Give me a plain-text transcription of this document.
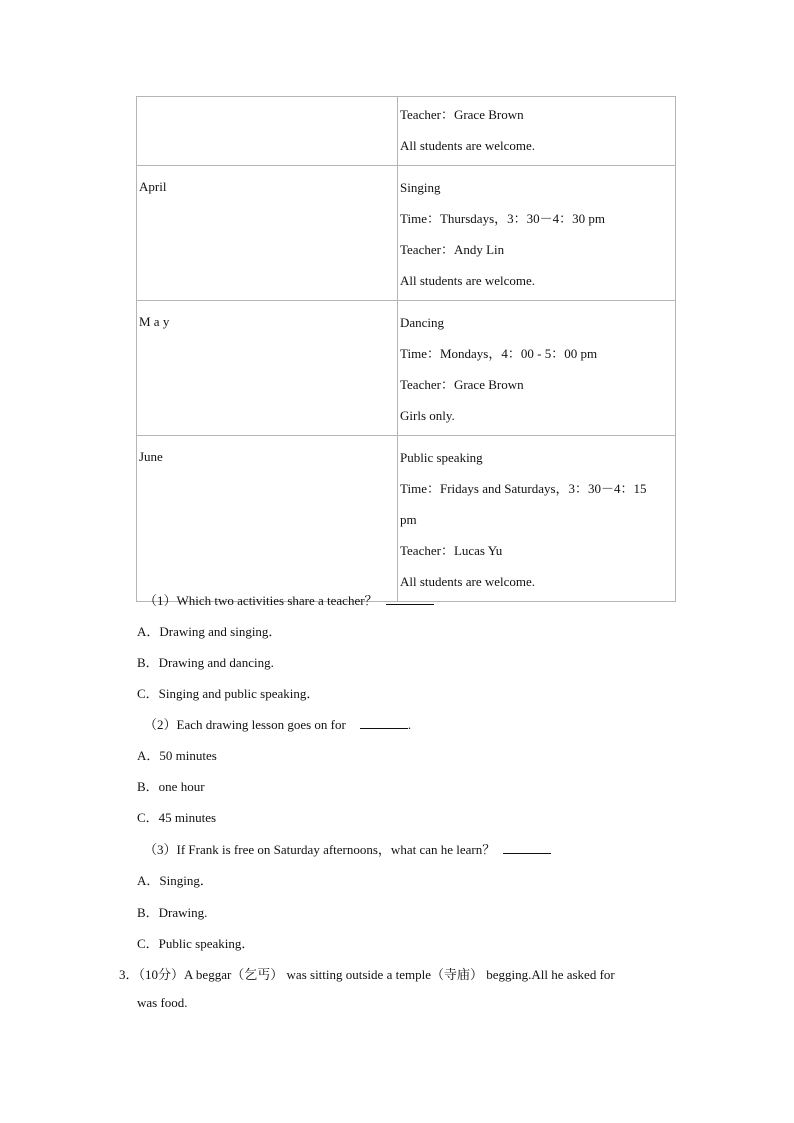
	Teacher：Grace Brown
All students are welcome.

April	Singing
Time：Thursdays，3：30－4：30 pm
Teacher：Andy Lin
All students are welcome.

M a y	Dancing
Time：Mondays，4：00 - 5：00 pm
Teacher：Grace Brown
Girls only.

June	Public speaking
Time：Fridays and Saturdays，3：30－4：15
pm
Teacher：Lucas Yu
All students are welcome.
（1）Which two activities share a teacher？
A．Drawing and singing．
B．Drawing and dancing.
C．Singing and public speaking．
（2）Each drawing lesson goes on for	.
A．50 minutes
B．one hour
C．45 minutes
（3）If Frank is free on Saturday afternoons，what can he learn？
A．Singing．
B．Drawing.
C．Public speaking．
3．（10分）A beggar（乞丐） was sitting outside a temple（寺庙） begging.All he asked for
was food.
